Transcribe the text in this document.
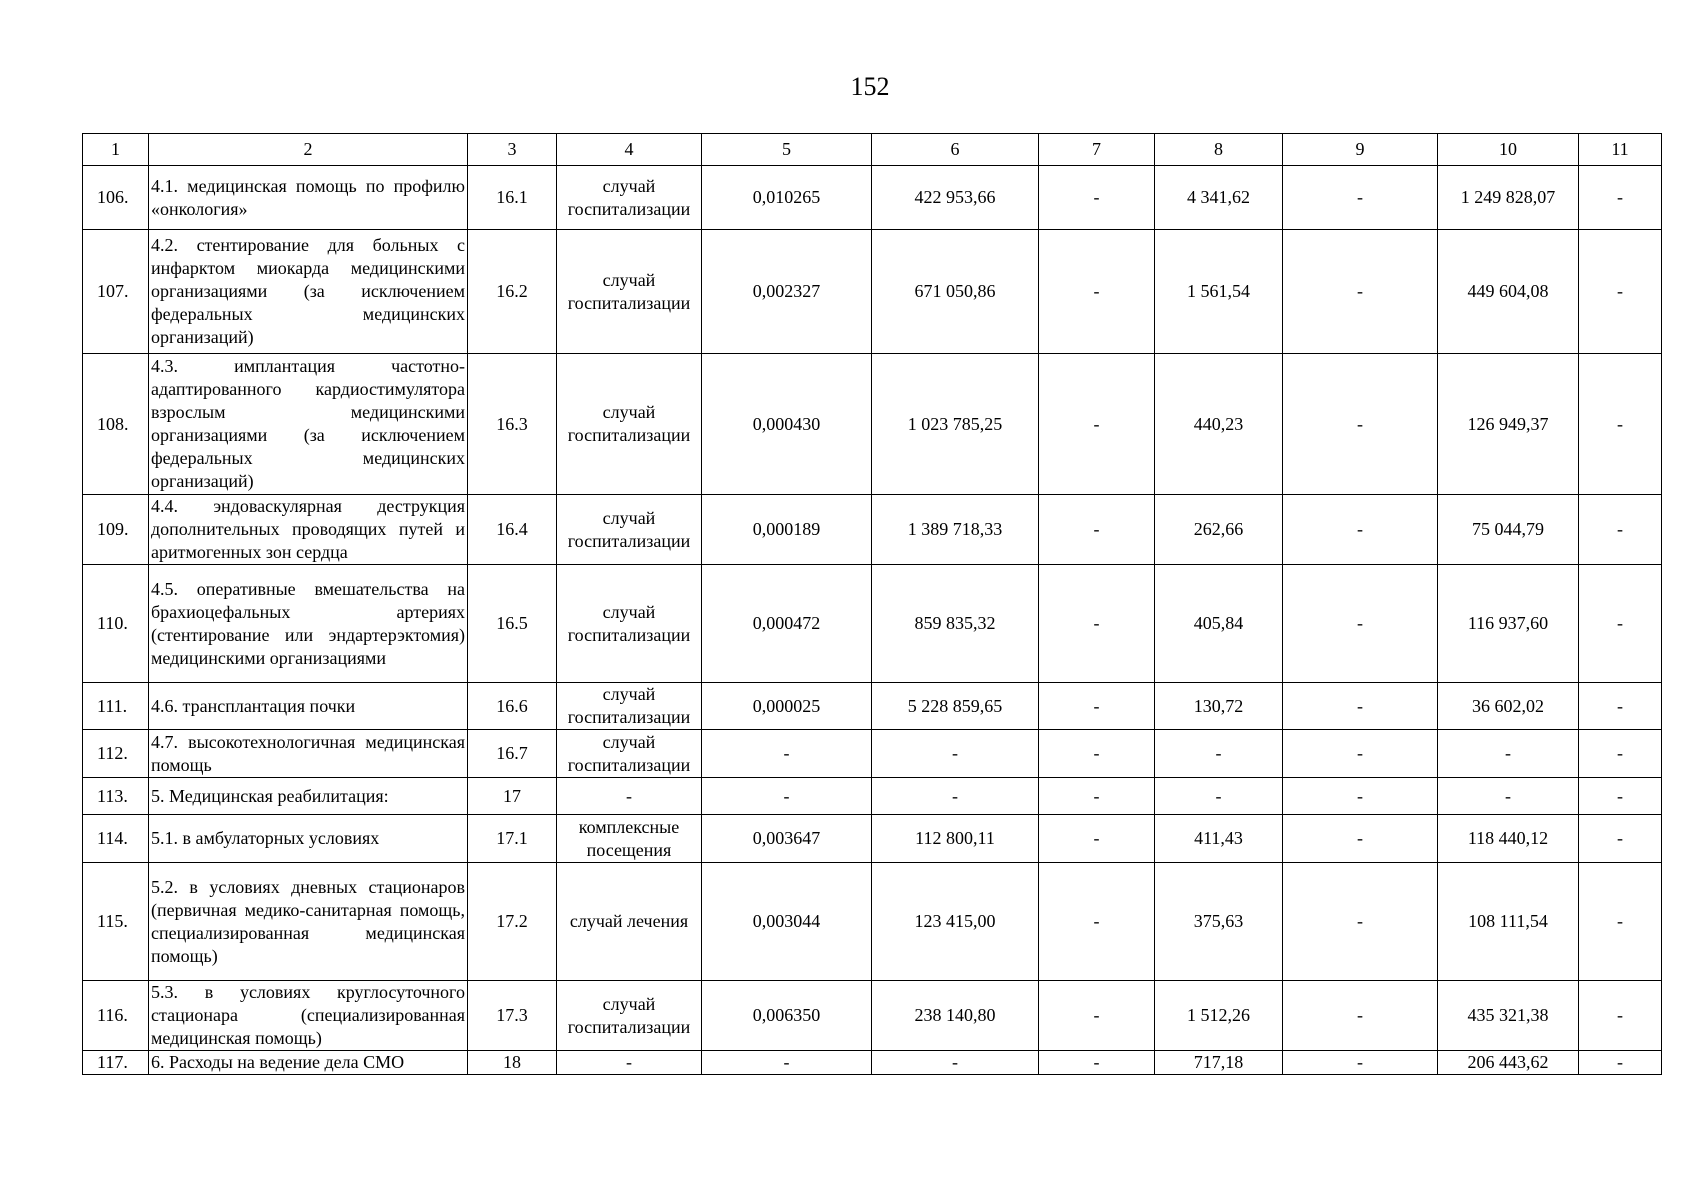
152
1	2	3	4	5	6	7	8	9	10	11
106.	4.1. медицинская помощь по профилю «онкология»	16.1	случай госпитализации	0,010265	422 953,66	-	4 341,62	-	1 249 828,07	-
107.	4.2. стентирование для больных с инфарктом миокарда медицинскими организациями (за исключением федеральных медицинских организаций)	16.2	случай госпитализации	0,002327	671 050,86	-	1 561,54	-	449 604,08	-
108.	4.3. имплантация частотно-адаптированного кардиостимулятора взрослым медицинскими организациями (за исключением федеральных медицинских организаций)	16.3	случай госпитализации	0,000430	1 023 785,25	-	440,23	-	126 949,37	-
109.	4.4. эндоваскулярная деструкция дополнительных проводящих путей и аритмогенных зон сердца	16.4	случай госпитализации	0,000189	1 389 718,33	-	262,66	-	75 044,79	-
110.	4.5. оперативные вмешательства на брахиоцефальных артериях (стентирование или эндартерэктомия) медицинскими организациями	16.5	случай госпитализации	0,000472	859 835,32	-	405,84	-	116 937,60	-
111.	4.6. трансплантация почки	16.6	случай госпитализации	0,000025	5 228 859,65	-	130,72	-	36 602,02	-
112.	4.7. высокотехнологичная медицинская помощь	16.7	случай госпитализации	-	-	-	-	-	-	-
113.	5. Медицинская реабилитация:	17	-	-	-	-	-	-	-	-
114.	5.1. в амбулаторных условиях	17.1	комплексные посещения	0,003647	112 800,11	-	411,43	-	118 440,12	-
115.	5.2. в условиях дневных стационаров (первичная медико-санитарная помощь, специализированная медицинская помощь)	17.2	случай лечения	0,003044	123 415,00	-	375,63	-	108 111,54	-
116.	5.3. в условиях круглосуточного стационара (специализированная медицинская помощь)	17.3	случай госпитализации	0,006350	238 140,80	-	1 512,26	-	435 321,38	-
117.	6. Расходы на ведение дела СМО	18	-	-	-	-	717,18	-	206 443,62	-
